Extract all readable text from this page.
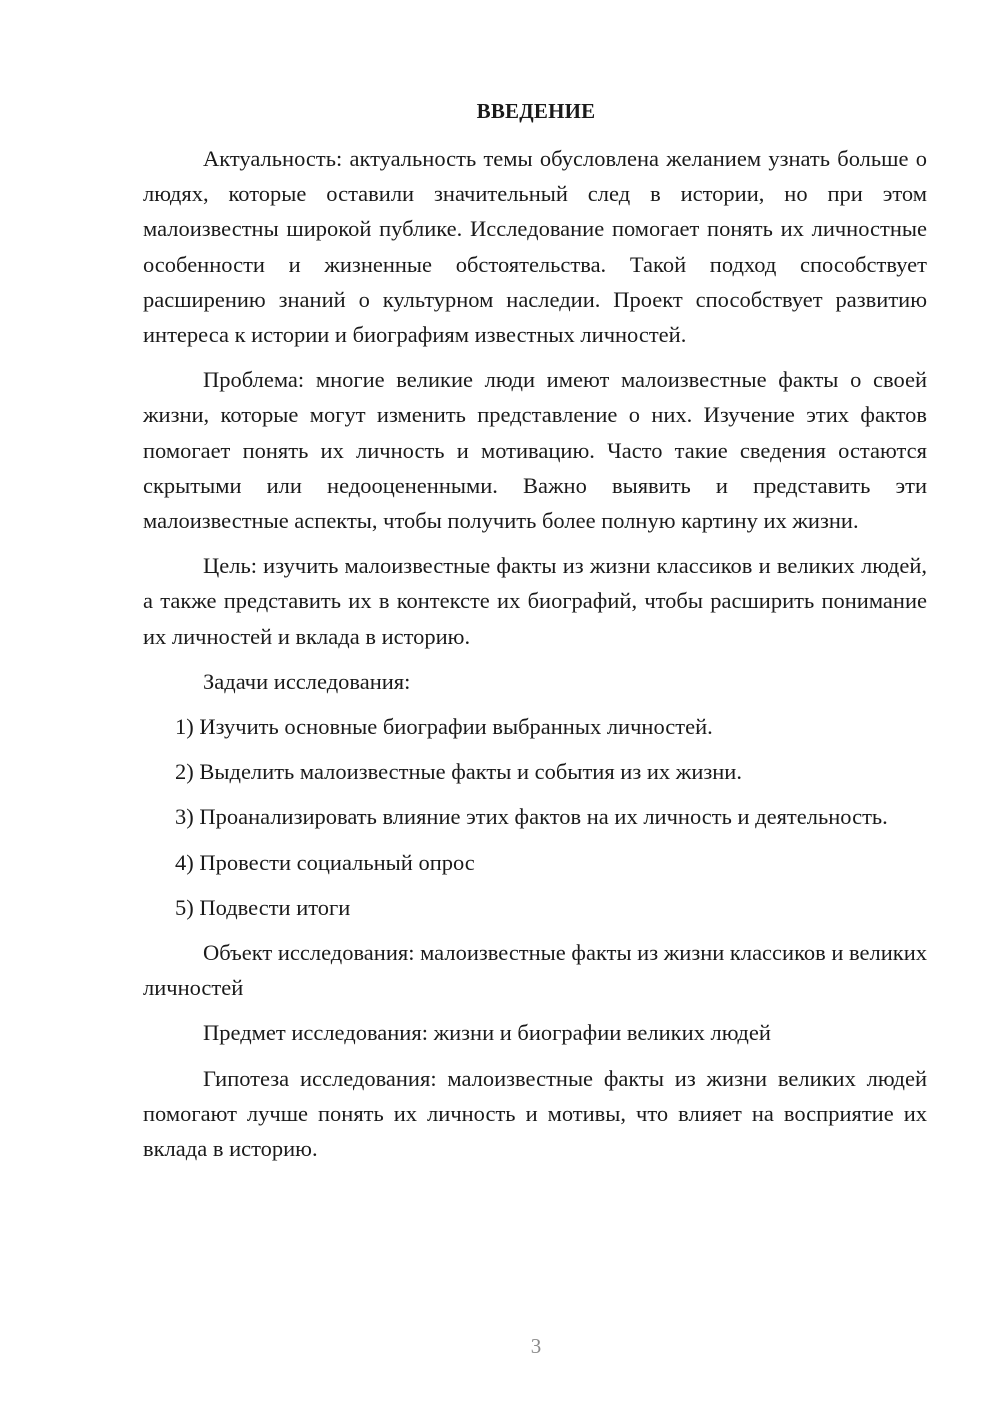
ВВЕДЕНИЕ

Актуальность: актуальность темы обусловлена желанием узнать больше о людях, которые оставили значительный след в истории, но при этом малоизвестны широкой публике. Исследование помогает понять их личностные особенности и жизненные обстоятельства. Такой подход способствует расширению знаний о культурном наследии. Проект способствует развитию интереса к истории и биографиям известных личностей.

Проблема: многие великие люди имеют малоизвестные факты о своей жизни, которые могут изменить представление о них. Изучение этих фактов помогает понять их личность и мотивацию. Часто такие сведения остаются скрытыми или недооцененными. Важно выявить и представить эти малоизвестные аспекты, чтобы получить более полную картину их жизни.

Цель: изучить малоизвестные факты из жизни классиков и великих людей, а также представить их в контексте их биографий, чтобы расширить понимание их личностей и вклада в историю.

Задачи исследования:

1) Изучить основные биографии выбранных личностей.

2) Выделить малоизвестные факты и события из их жизни.

3) Проанализировать влияние этих фактов на их личность и деятельность.

4) Провести социальный опрос

5) Подвести итоги

Объект исследования: малоизвестные факты из жизни классиков и великих личностей

Предмет исследования: жизни и биографии великих людей

Гипотеза исследования: малоизвестные факты из жизни великих людей помогают лучше понять их личность и мотивы, что влияет на восприятие их вклада в историю.

3
